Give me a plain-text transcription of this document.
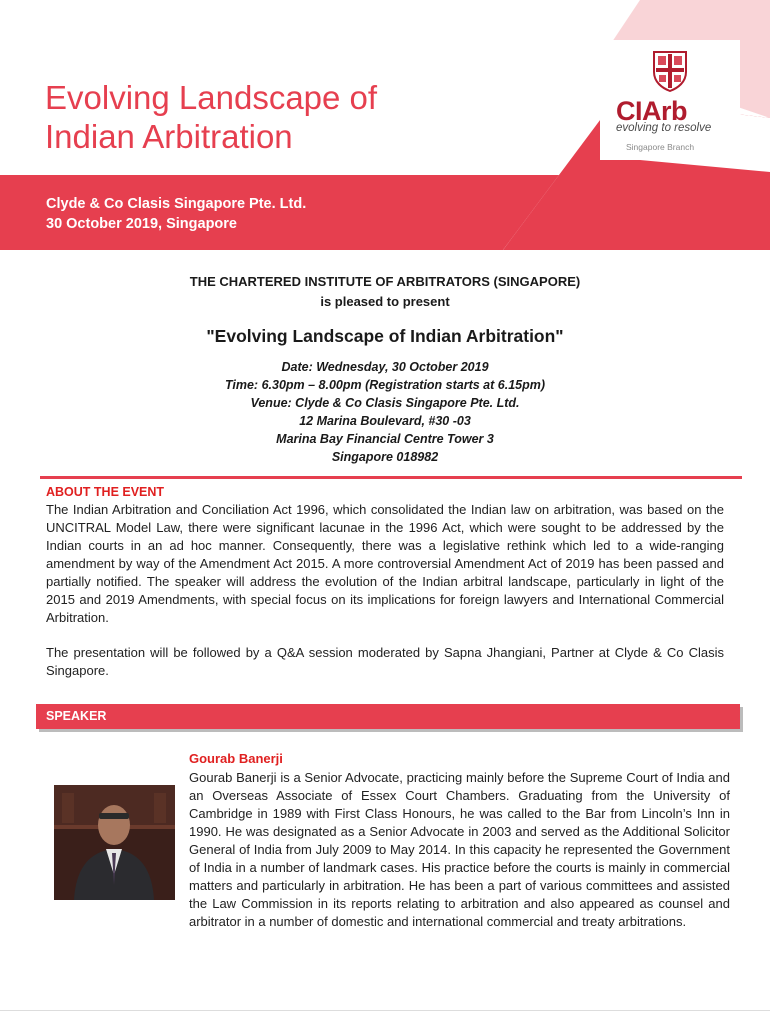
Evolving Landscape of
Indian Arbitration
Clyde & Co Clasis Singapore Pte. Ltd.
30 October 2019, Singapore
CIArb
evolving to resolve
Singapore Branch
THE CHARTERED INSTITUTE OF ARBITRATORS (SINGAPORE)
is pleased to present
"Evolving Landscape of Indian Arbitration"
Date: Wednesday, 30 October 2019
Time: 6.30pm – 8.00pm (Registration starts at 6.15pm)
Venue: Clyde & Co Clasis Singapore Pte. Ltd.
12 Marina Boulevard, #30 -03
Marina Bay Financial Centre Tower 3
Singapore 018982
ABOUT THE EVENT
The Indian Arbitration and Conciliation Act 1996, which consolidated the Indian law on arbitration, was based on the UNCITRAL Model Law, there were significant lacunae in the 1996 Act, which were sought to be addressed by the Indian courts in an ad hoc manner. Consequently, there was a legislative rethink which led to a wide-ranging amendment by way of the Amendment Act 2015. A more controversial Amendment Act of 2019 has been passed and partially notified. The speaker will address the evolution of the Indian arbitral landscape, particularly in light of the 2015 and 2019 Amendments, with special focus on its implications for foreign lawyers and International Commercial Arbitration.
The presentation will be followed by a Q&A session moderated by Sapna Jhangiani, Partner at Clyde & Co Clasis Singapore.
SPEAKER
Gourab Banerji
Gourab Banerji is a Senior Advocate, practicing mainly before the Supreme Court of India and an Overseas Associate of Essex Court Chambers. Graduating from the University of Cambridge in 1989 with First Class Honours, he was called to the Bar from Lincoln’s Inn in 1990. He was designated as a Senior Advocate in 2003 and served as the Additional Solicitor General of India from July 2009 to May 2014. In this capacity he represented the Government of India in a number of landmark cases. His practice before the courts is mainly in commercial matters and particularly in arbitration. He has been a part of various committees and assisted the Law Commission in its reports relating to arbitration and also appeared as counsel and arbitrator in a number of domestic and international commercial and treaty arbitrations.
